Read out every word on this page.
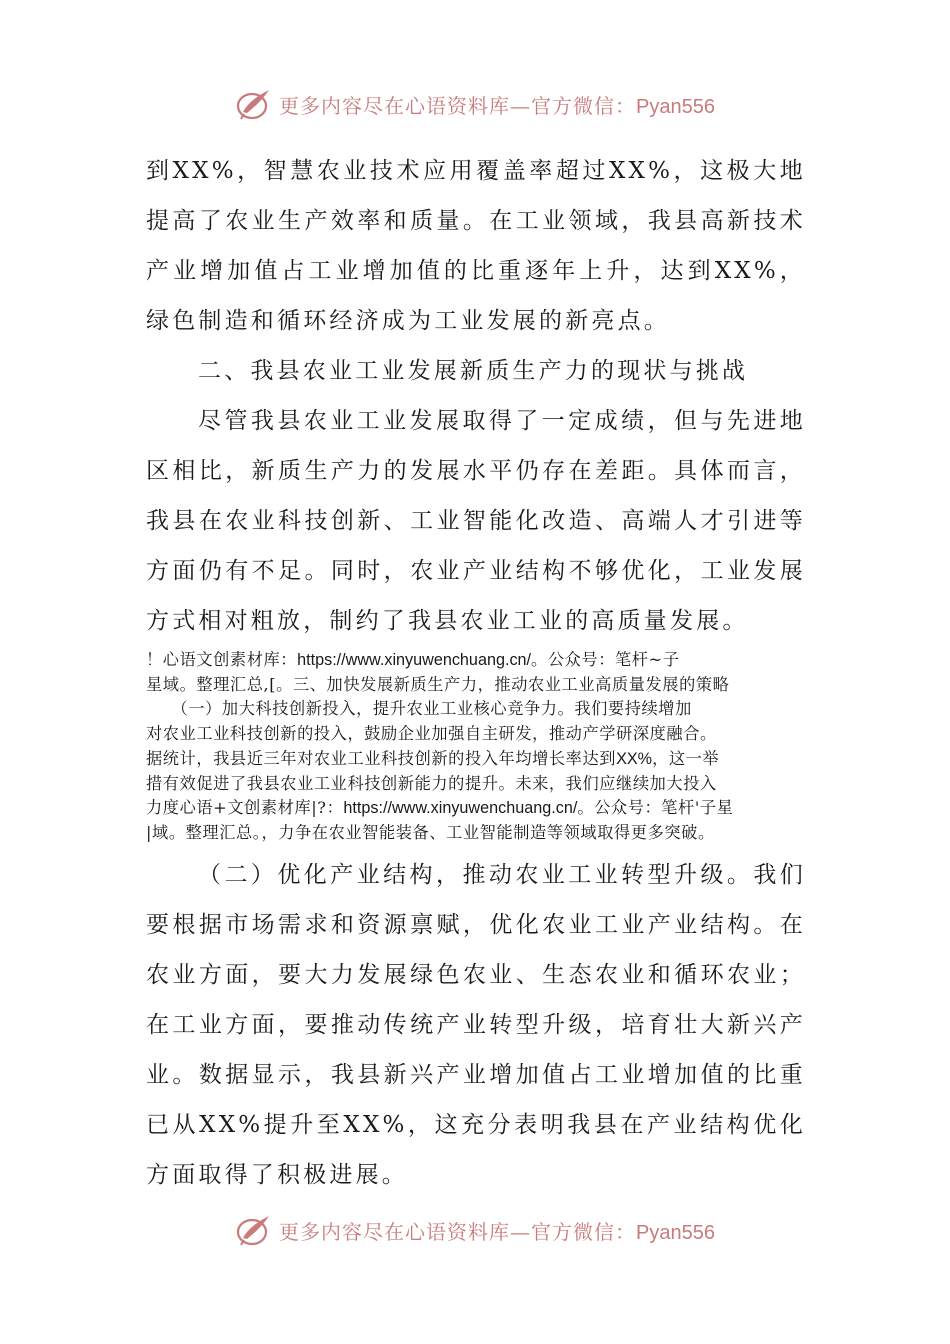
更多内容尽在心语资料库—官方微信：Pyan556

到XX%，智慧农业技术应用覆盖率超过XX%，这极大地提高了农业生产效率和质量。在工业领域，我县高新技术产业增加值占工业增加值的比重逐年上升，达到XX%，绿色制造和循环经济成为工业发展的新亮点。

二、我县农业工业发展新质生产力的现状与挑战

尽管我县农业工业发展取得了一定成绩，但与先进地区相比，新质生产力的发展水平仍存在差距。具体而言，我县在农业科技创新、工业智能化改造、高端人才引进等方面仍有不足。同时，农业产业结构不够优化，工业发展方式相对粗放，制约了我县农业工业的高质量发展。

！心语文创素材库：https://www.xinyuwenchuang.cn/。公众号：笔杆~子
星域。整理汇总,[。三、加快发展新质生产力，推动农业工业高质量发展的策略
　　（一）加大科技创新投入，提升农业工业核心竞争力。我们要持续增加
对农业工业科技创新的投入，鼓励企业加强自主研发，推动产学研深度融合。
据统计，我县近三年对农业工业科技创新的投入年均增长率达到XX%，这一举
措有效促进了我县农业工业科技创新能力的提升。未来，我们应继续加大投入
力度心语+文创素材库|?：https://www.xinyuwenchuang.cn/。公众号：笔杆'子星
|域。整理汇总。，力争在农业智能装备、工业智能制造等领域取得更多突破。

（二）优化产业结构，推动农业工业转型升级。我们要根据市场需求和资源禀赋，优化农业工业产业结构。在农业方面，要大力发展绿色农业、生态农业和循环农业；在工业方面，要推动传统产业转型升级，培育壮大新兴产业。数据显示，我县新兴产业增加值占工业增加值的比重已从XX%提升至XX%，这充分表明我县在产业结构优化方面取得了积极进展。

更多内容尽在心语资料库—官方微信：Pyan556
